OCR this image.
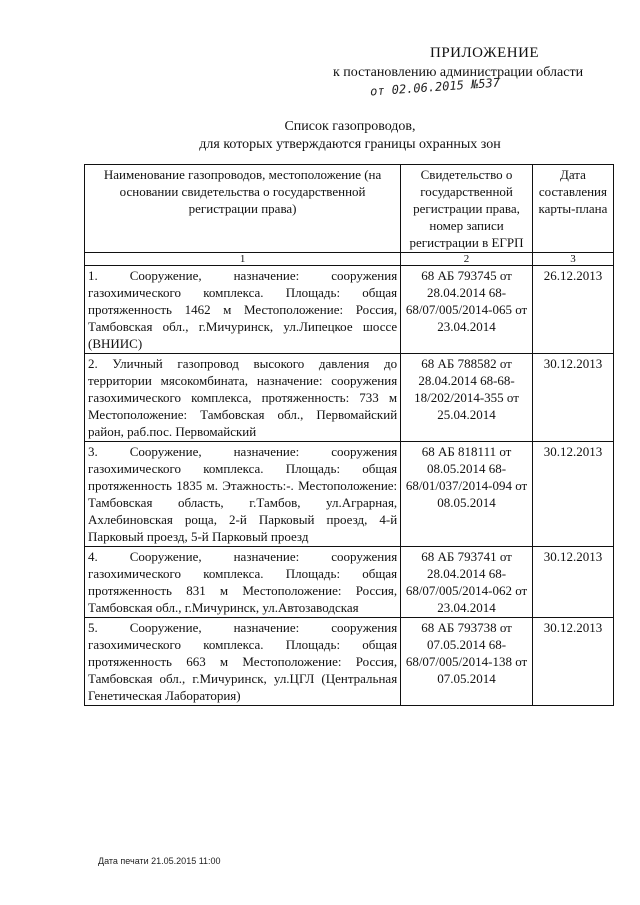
ПРИЛОЖЕНИЕ
к постановлению администрации области
от 02.06.2015 №537
Список газопроводов,
для которых утверждаются границы охранных зон
Наименование газопроводов, местоположение (на основании свидетельства о государственной регистрации права)	Свидетельство о государственной регистрации права, номер записи регистрации в ЕГРП	Дата составления карты-плана
1	2	3
1. Сооружение, назначение: сооружения газохимического комплекса. Площадь: общая протяженность 1462 м Местоположение: Россия, Тамбовская обл., г.Мичуринск, ул.Липецкое шоссе (ВНИИС)	68 АБ 793745 от 28.04.2014 68-68/07/005/2014-065 от 23.04.2014	26.12.2013
2. Уличный газопровод высокого давления до территории мясокомбината, назначение: сооружения газохимического комплекса, протяженность: 733 м Местоположение: Тамбовская обл., Первомайский район, раб.пос. Первомайский	68 АБ 788582 от 28.04.2014 68-68-18/202/2014-355 от 25.04.2014	30.12.2013
3. Сооружение, назначение: сооружения газохимического комплекса. Площадь: общая протяженность 1835 м. Этажность:-. Местоположение: Тамбовская область, г.Тамбов, ул.Аграрная, Ахлебиновская роща, 2-й Парковый проезд, 4-й Парковый проезд, 5-й Парковый проезд	68 АБ 818111 от 08.05.2014 68-68/01/037/2014-094 от 08.05.2014	30.12.2013
4. Сооружение, назначение: сооружения газохимического комплекса. Площадь: общая протяженность 831 м Местоположение: Россия, Тамбовская обл., г.Мичуринск, ул.Автозаводская	68 АБ 793741 от 28.04.2014 68-68/07/005/2014-062 от 23.04.2014	30.12.2013
5. Сооружение, назначение: сооружения газохимического комплекса. Площадь: общая протяженность 663 м Местоположение: Россия, Тамбовская обл., г.Мичуринск, ул.ЦГЛ (Центральная Генетическая Лаборатория)	68 АБ 793738 от 07.05.2014 68-68/07/005/2014-138 от 07.05.2014	30.12.2013
Дата печати 21.05.2015 11:00
